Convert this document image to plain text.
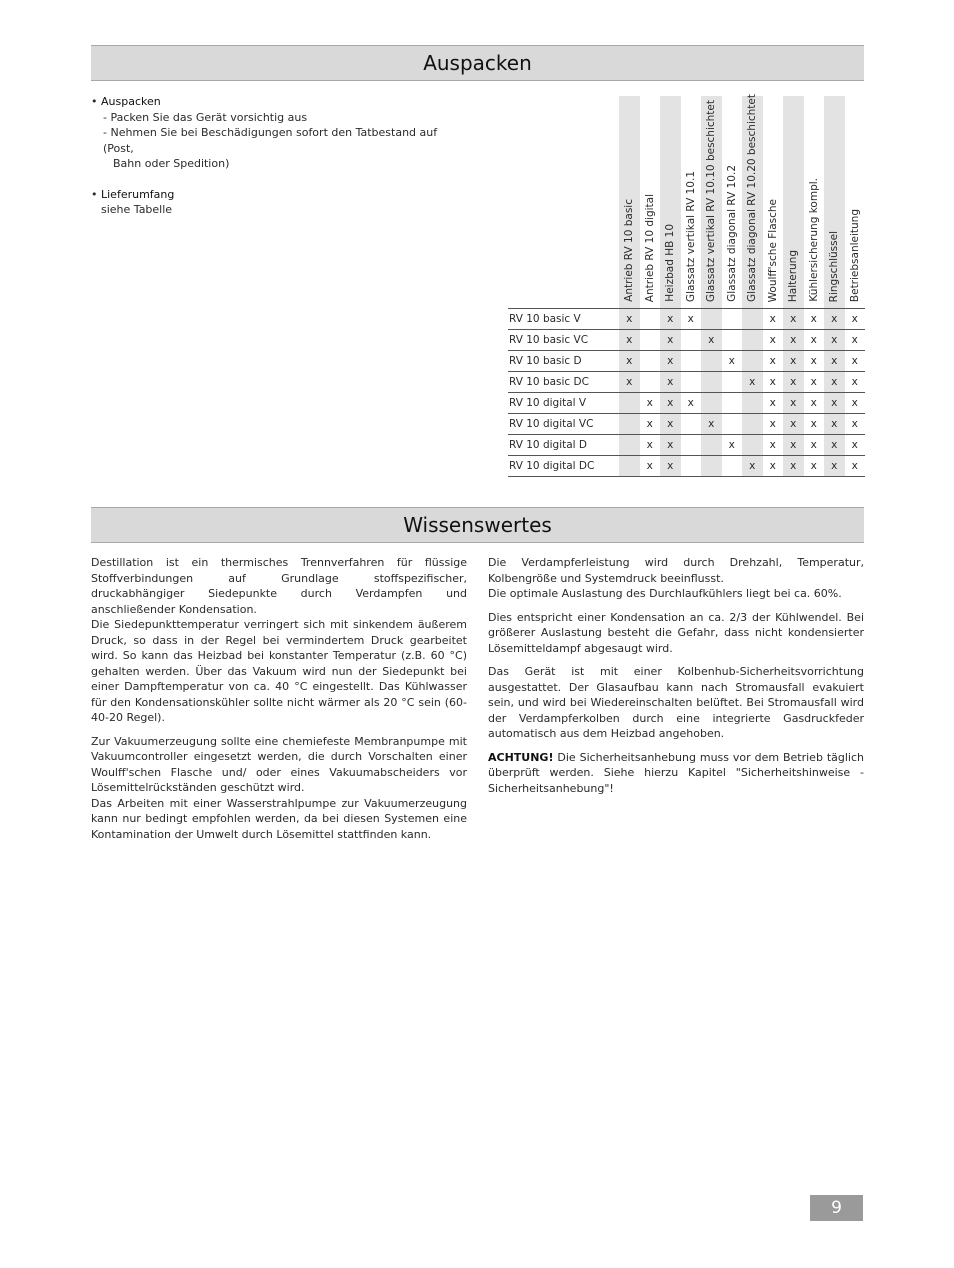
Auspacken
• Auspacken
- Packen Sie das Gerät vorsichtig aus
- Nehmen Sie bei Beschädigungen sofort den Tatbestand auf (Post,
Bahn oder Spedition)
• Lieferumfang
siehe Tabelle

	Antrieb RV 10 basic	Antrieb RV 10 digital	Heizbad HB 10	Glassatz vertikal RV 10.1	Glassatz vertikal RV 10.10 beschichtet	Glassatz diagonal RV 10.2	Glassatz diagonal RV 10.20 beschichtet	Woulff'sche Flasche	Halterung	Kühlersicherung kompl.	Ringschlüssel	Betriebsanleitung

RV 10 basic V	x		x	x				x	x	x	x	x
RV 10 basic VC	x		x		x			x	x	x	x	x
RV 10 basic D	x		x			x		x	x	x	x	x
RV 10 basic DC	x		x				x	x	x	x	x	x
RV 10 digital V		x	x	x				x	x	x	x	x
RV 10 digital VC		x	x		x			x	x	x	x	x
RV 10 digital D		x	x			x		x	x	x	x	x
RV 10 digital DC		x	x				x	x	x	x	x	x
Wissenswertes

Destillation ist ein thermisches Trennverfahren für flüssige Stoffverbindungen auf Grundlage stoffspezifischer, druckabhängiger Siedepunkte durch Verdampfen und anschließender Kondensation.

Die Siedepunkttemperatur verringert sich mit sinkendem äußerem Druck, so dass in der Regel bei vermindertem Druck gearbeitet wird. So kann das Heizbad bei konstanter Temperatur (z.B. 60 °C) gehalten werden. Über das Vakuum wird nun der Siedepunkt bei einer Dampftemperatur von ca. 40 °C eingestellt. Das Kühlwasser für den Kondensationskühler sollte nicht wärmer als 20 °C sein (60-40-20 Regel).

Zur Vakuumerzeugung sollte eine chemiefeste Membranpumpe mit Vakuumcontroller eingesetzt werden, die durch Vorschalten einer Woulff'schen Flasche und/ oder eines Vakuumabscheiders vor Lösemittelrückständen geschützt wird.

Das Arbeiten mit einer Wasserstrahlpumpe zur Vakuumerzeugung kann nur bedingt empfohlen werden, da bei diesen Systemen eine Kontamination der Umwelt durch Lösemittel stattfinden kann.

Die Verdampferleistung wird durch Drehzahl, Temperatur, Kolbengröße und Systemdruck beeinflusst.

Die optimale Auslastung des Durchlaufkühlers liegt bei ca. 60%.

Dies entspricht einer Kondensation an ca. 2/3 der Kühlwendel. Bei größerer Auslastung besteht die Gefahr, dass nicht kondensierter Lösemitteldampf abgesaugt wird.

Das Gerät ist mit einer Kolbenhub-Sicherheitsvorrichtung ausgestattet. Der Glasaufbau kann nach Stromausfall evakuiert sein, und wird bei Wiedereinschalten belüftet. Bei Stromausfall wird der Verdampferkolben durch eine integrierte Gasdruckfeder automatisch aus dem Heizbad angehoben.

ACHTUNG! Die Sicherheitsanhebung muss vor dem Betrieb täglich überprüft werden. Siehe hierzu Kapitel "Sicherheitshinweise - Sicherheitsanhebung"!

9
